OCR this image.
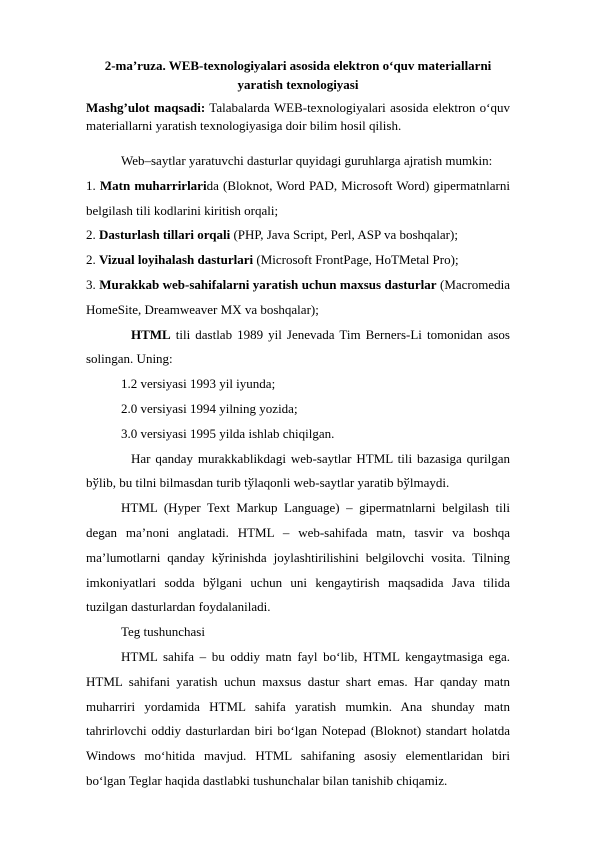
2-ma’ruza. WEB-texnologiyalari asosida elektron o‘quv materiallarni
yaratish texnologiyasi
Mashg’ulot maqsadi: Talabalarda WEB-texnologiyalari asosida elektron o‘quv materiallarni yaratish texnologiyasiga doir bilim hosil qilish.
Web–saytlar yaratuvchi dasturlar quyidagi guruhlarga ajratish mumkin:
1. Matn muharrirlarida (Bloknot, Word PAD, Microsoft Word) gipermatnlarni belgilash tili kodlarini kiritish orqali;
2. Dasturlash tillari orqali (PHP, Java Script, Perl, ASP va boshqalar);
2. Vizual loyihalash dasturlari (Microsoft FrontPage, HoTMetal Pro);
3. Murakkab web-sahifalarni yaratish uchun maxsus dasturlar (Macromedia HomeSite, Dreamweaver MX va boshqalar);
HTML tili dastlab 1989 yil Jenevada Tim Berners-Li tomonidan asos solingan. Uning:
1.2 versiyasi 1993 yil iyunda;
2.0 versiyasi 1994 yilning yozida;
3.0 versiyasi 1995 yilda ishlab chiqilgan.
Har qanday murakkablikdagi web-saytlar HTML tili bazasiga qurilgan bўlib, bu tilni bilmasdan turib tўlaqonli web-saytlar yaratib bўlmaydi.
HTML (Hyper Text Markup Language) – gipermatnlarni belgilash tili degan ma’noni anglatadi. HTML – web-sahifada matn, tasvir va boshqa ma’lumotlarni qanday kўrinishda joylashtirilishini belgilovchi vosita. Tilning imkoniyatlari sodda bўlgani uchun uni kengaytirish maqsadida Java tilida tuzilgan dasturlardan foydalaniladi.
Teg tushunchasi
HTML sahifa – bu oddiy matn fayl bo‘lib, HTML kengaytmasiga ega. HTML sahifani yaratish uchun maxsus dastur shart emas. Har qanday matn muharriri yordamida HTML sahifa yaratish mumkin. Ana shunday matn tahrirlovchi oddiy dasturlardan biri bo‘lgan Notepad (Bloknot) standart holatda Windows mo‘hitida mavjud. HTML sahifaning asosiy elementlaridan biri bo‘lgan Teglar haqida dastlabki tushunchalar bilan tanishib chiqamiz.
